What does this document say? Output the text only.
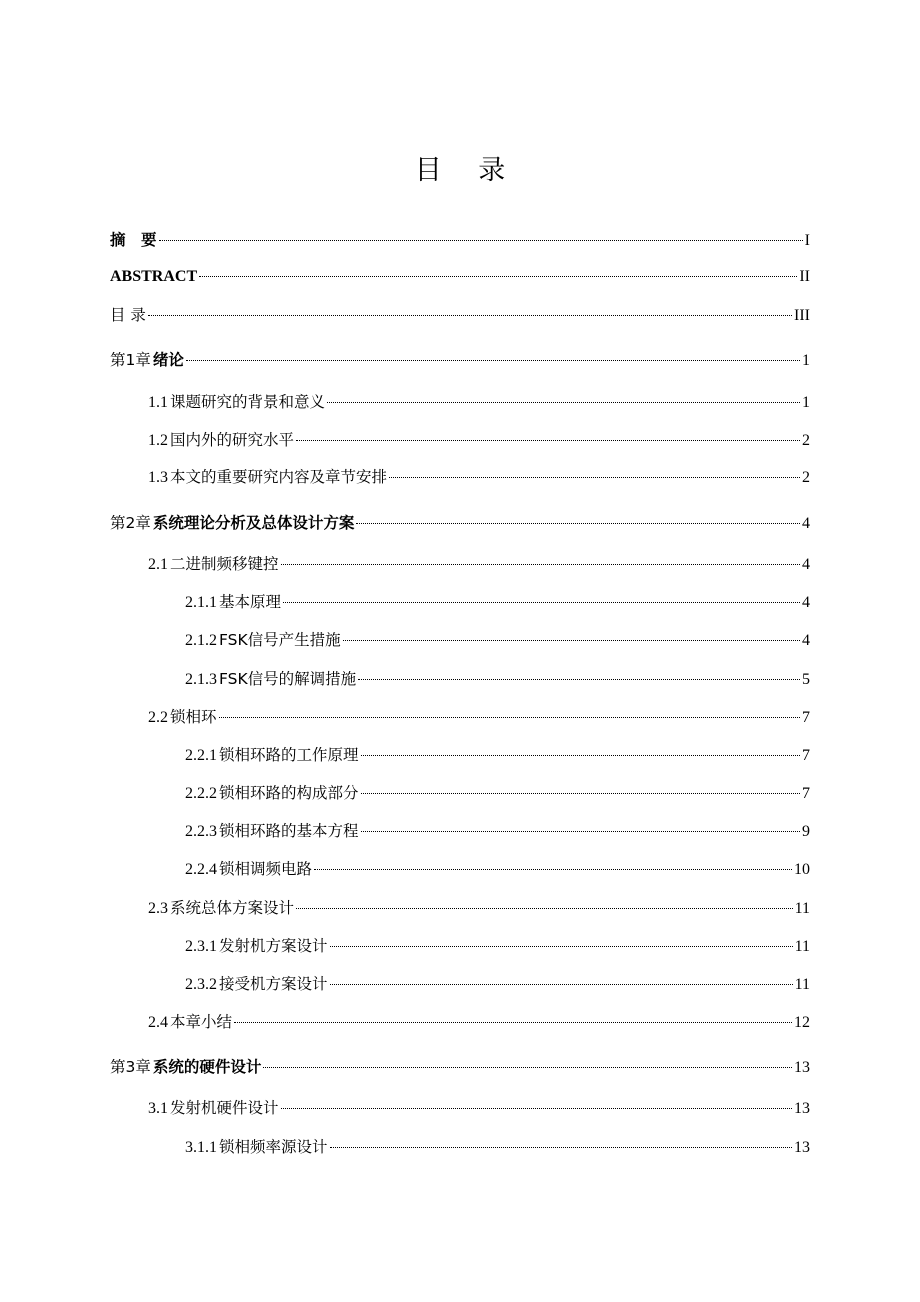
目 录
摘　要	I
ABSTRACT	II
目 录	III
第1章 绪论	1
1.1 课题研究的背景和意义	1
1.2 国内外的研究水平	2
1.3 本文的重要研究内容及章节安排	2
第2章 系统理论分析及总体设计方案	4
2.1 二进制频移键控	4
2.1.1 基本原理	4
2.1.2 FSK信号产生措施	4
2.1.3 FSK信号的解调措施	5
2.2 锁相环	7
2.2.1 锁相环路的工作原理	7
2.2.2 锁相环路的构成部分	7
2.2.3 锁相环路的基本方程	9
2.2.4 锁相调频电路	10
2.3 系统总体方案设计	11
2.3.1 发射机方案设计	11
2.3.2 接受机方案设计	11
2.4 本章小结	12
第3章 系统的硬件设计	13
3.1 发射机硬件设计	13
3.1.1 锁相频率源设计	13
